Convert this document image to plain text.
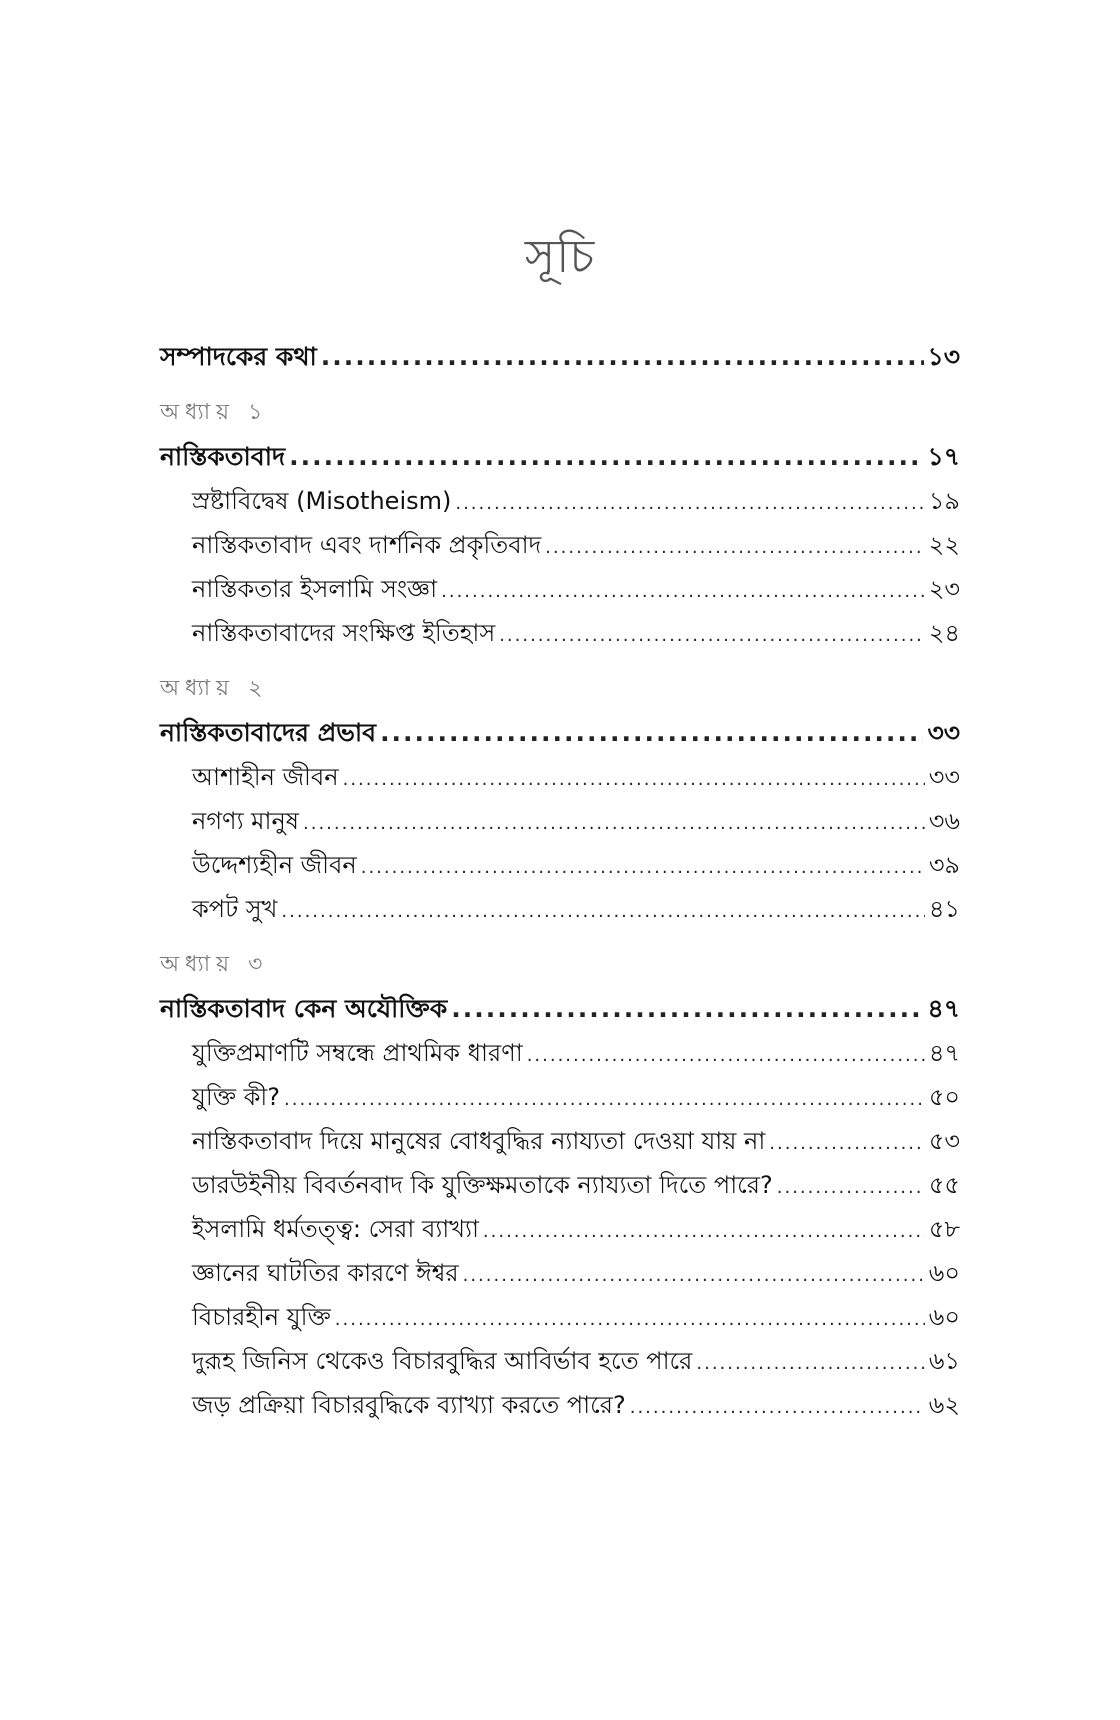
সূচি
সম্পাদকের কথা .....	১৩
অধ্যায় ১
নাস্তিকতাবাদ .....	১৭
স্রষ্টাবিদ্বেষ (Misotheism) .....	১৯
নাস্তিকতাবাদ এবং দার্শনিক প্রকৃতিবাদ .....	২২
নাস্তিকতার ইসলামি সংজ্ঞা .....	২৩
নাস্তিকতাবাদের সংক্ষিপ্ত ইতিহাস .....	২৪
অধ্যায় ২
নাস্তিকতাবাদের প্রভাব .....	৩৩
আশাহীন জীবন .....	৩৩
নগণ্য মানুষ .....	৩৬
উদ্দেশ্যহীন জীবন .....	৩৯
কপট সুখ .....	৪১
অধ্যায় ৩
নাস্তিকতাবাদ কেন অযৌক্তিক .....	৪৭
যুক্তিপ্রমাণটি সম্বন্ধে প্রাথমিক ধারণা .....	৪৭
যুক্তি কী? .....	৫০
নাস্তিকতাবাদ দিয়ে মানুষের বোধবুদ্ধির ন্যায্যতা দেওয়া যায় না .....	৫৩
ডারউইনীয় বিবর্তনবাদ কি যুক্তিক্ষমতাকে ন্যায্যতা দিতে পারে? .....	৫৫
ইসলামি ধর্মতত্ত্ব: সেরা ব্যাখ্যা .....	৫৮
জ্ঞানের ঘাটতির কারণে ঈশ্বর .....	৬০
বিচারহীন যুক্তি .....	৬০
দুরূহ জিনিস থেকেও বিচারবুদ্ধির আবির্ভাব হতে পারে .....	৬১
জড় প্রক্রিয়া বিচারবুদ্ধিকে ব্যাখ্যা করতে পারে? .....	৬২
